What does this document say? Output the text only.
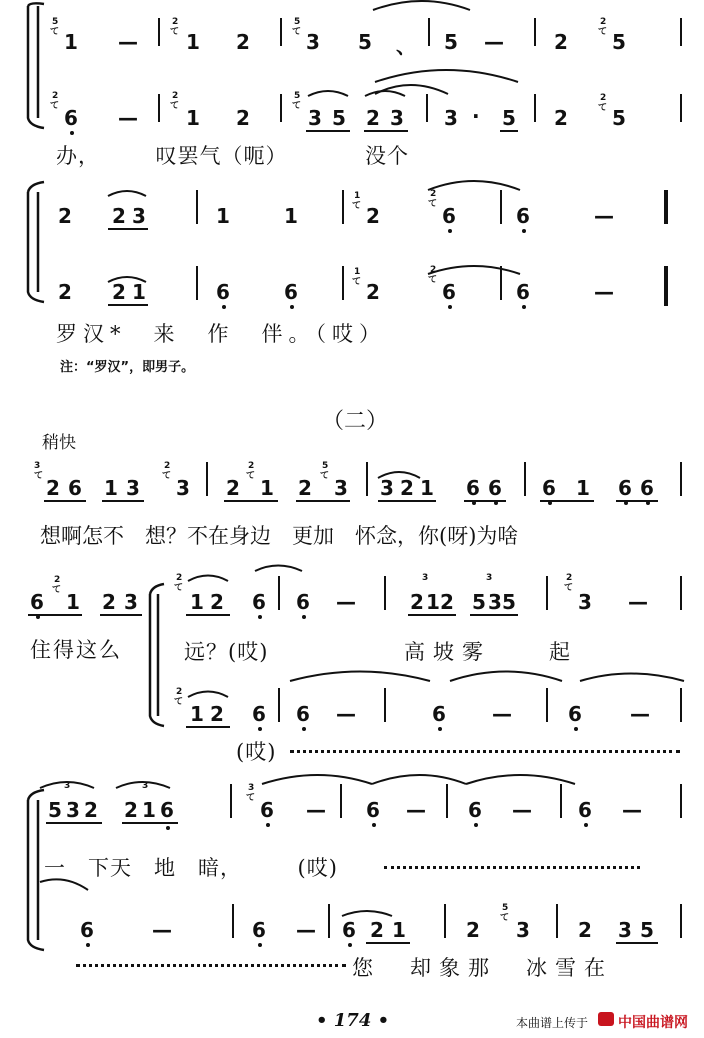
5
て 1 —
2
て 1 2
5
て 3 5 、 5 —	2
2
て 5
2
て 6 —
2
て 1 2
5
て 3 5 2 3 3 · 5 2
2
て 5
办，　　　叹罢气（呃）　　　　没个
2 2 3	1	1
1
て 2
2
て 6	6	—
2 2 1	6	6
1
て 2
2
て 6	6	—
罗汉*　来　作　伴。（哎）
注：“罗汉”，即男子。
（二）
稍快
3
て 2 6 1 3
2
て 3 2
2
て 1 2
5
て 3 3 2 1 6 6 6 1 6 6
想啊怎不　想？不在身边　更加　怀念，你(呀)为啥
6
2
て 1 2 3
住得这么
2
て
1 2 6 6 —
3
2 1 2
3
5 3 5
2
て
3 —
远？(哎)	高坡雾　　起
2
て 1 2 6 6 —	6 —	6 —
(哎)
3
5 3 2
3
2 1 6
3
て 6 — 6 — 6 — 6 —
一　下天　地　暗，　　　(哎)
6	—	6 — 6 2 1	2
5
て 3 2 3 5
您　却象那　冰雪在
• 174 •	本曲谱上传于 中国曲谱网
